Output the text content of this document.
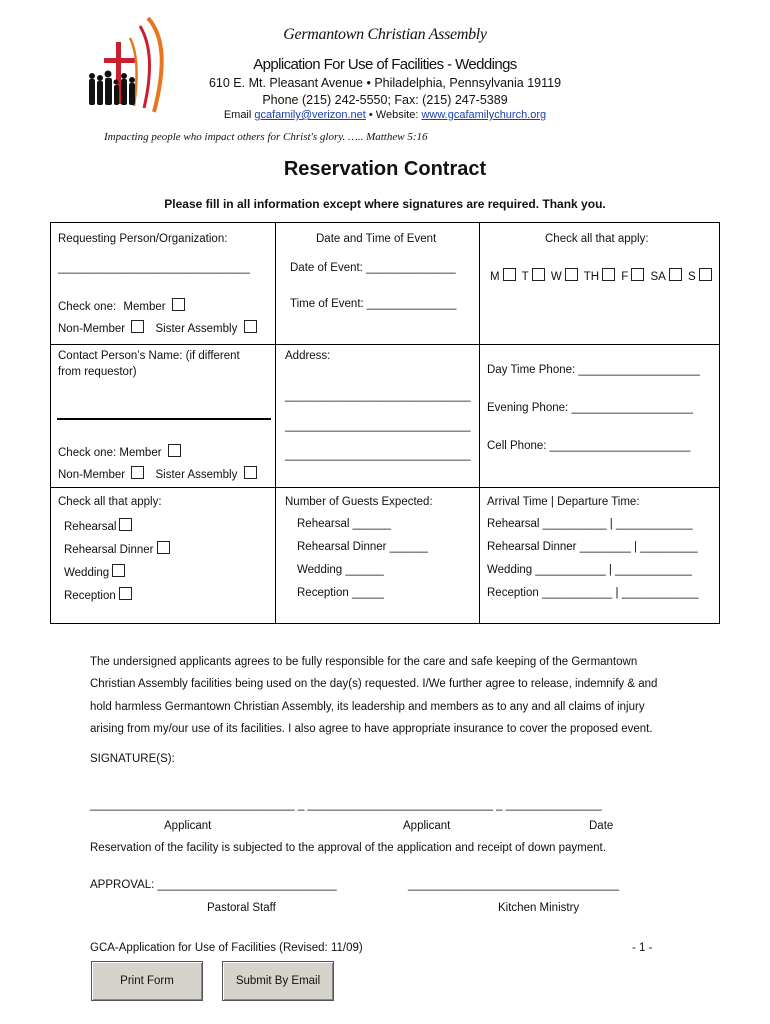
Germantown Christian Assembly
Application For Use of Facilities - Weddings
610 E. Mt. Pleasant Avenue • Philadelphia, Pennsylvania 19119
Phone (215) 242-5550; Fax: (215) 247-5389
Email gcafamily@verizon.net • Website: www.gcafamilychurch.org
Impacting people who impact others for Christ's glory. ….. Matthew 5:16
Reservation Contract
Please fill in all information except where signatures are required. Thank you.
Requesting Person/Organization:
______________________________
Check one: Member
Non-Member	Sister Assembly
Date and Time of Event
Date of Event: ______________
Time of Event: ______________
Check all that apply:
M T W TH F SA S
Contact Person’s Name: (if different
from requestor)
Check one: Member
Non-Member	Sister Assembly
Address:
_____________________________
_____________________________
_____________________________
Day Time Phone: ___________________
Evening Phone: ___________________
Cell Phone: ______________________
Check all that apply:
Rehearsal
Rehearsal Dinner
Wedding
Reception
Number of Guests Expected:
Rehearsal ______
Rehearsal Dinner ______
Wedding ______
Reception _____
Arrival Time | Departure Time:
Rehearsal __________ | ____________
Rehearsal Dinner ________ | _________
Wedding ___________ | ____________
Reception ___________ | ____________
The undersigned applicants agrees to be fully responsible for the care and safe keeping of the Germantown
Christian Assembly facilities being used on the day(s) requested. I/We further agree to release, indemnify & and
hold harmless Germantown Christian Assembly, its leadership and members as to any and all claims of injury
arising from my/our use of its facilities. I also agree to have appropriate insurance to cover the proposed event.
SIGNATURE(S):
________________________________ _ _____________________________ _ _______________
Applicant	Applicant	Date
Reservation of the facility is subjected to the approval of the application and receipt of down payment.
APPROVAL: ____________________________	_________________________________
Pastoral Staff	Kitchen Ministry
GCA-Application for Use of Facilities (Revised: 11/09)	- 1 -
Print Form	Submit By Email
